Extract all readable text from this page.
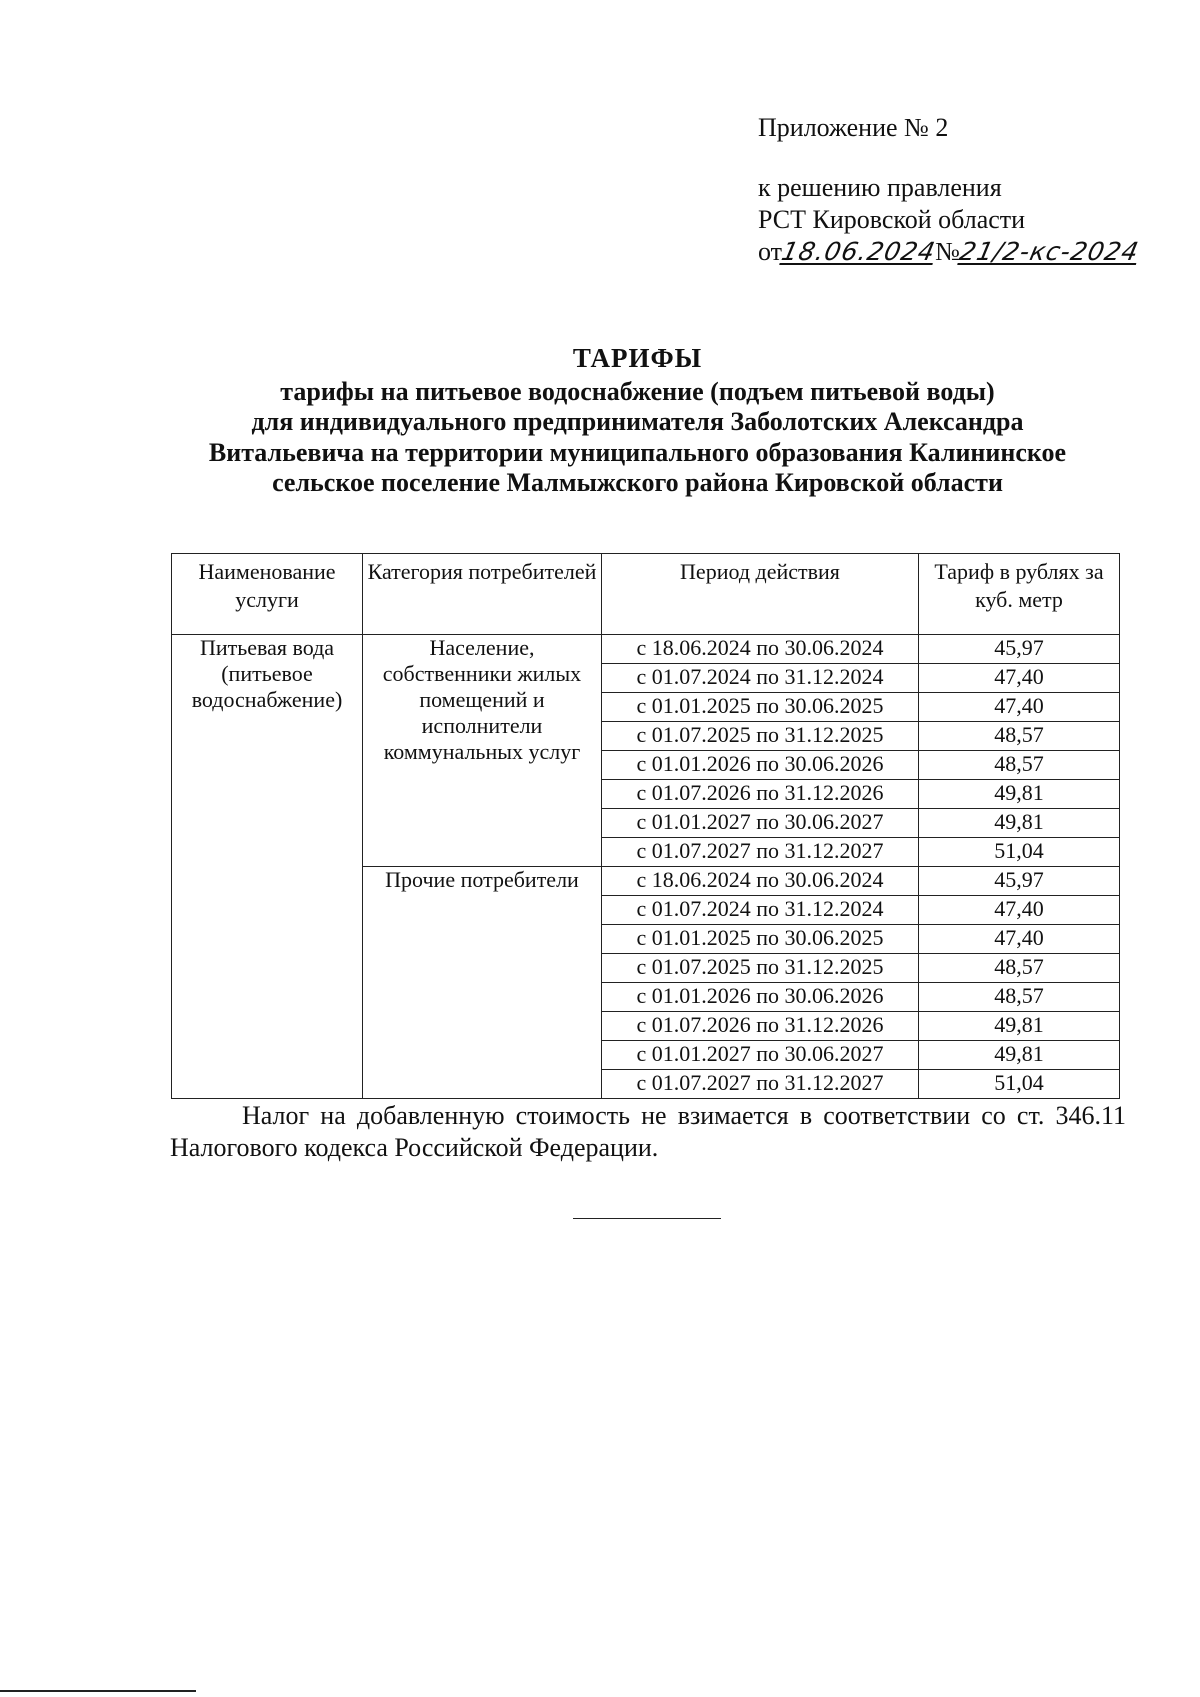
Приложение № 2
к решению правления
РСТ Кировской области
от18.06.2024№21/2-кс-2024
ТАРИФЫ
тарифы на питьевое водоснабжение (подъем питьевой воды)
для индивидуального предпринимателя Заболотских Александра
Витальевича на территории муниципального образования Калининское
сельское поселение Малмыжского района Кировской области
Наименование услуги	Категория потребителей	Период действия	Тариф в рублях за куб. метр
Питьевая вода (питьевое водоснабжение)	Население, собственники жилых помещений и исполнители коммунальных услуг	с 18.06.2024 по 30.06.2024	45,97
		с 01.07.2024 по 31.12.2024	47,40
		с 01.01.2025 по 30.06.2025	47,40
		с 01.07.2025 по 31.12.2025	48,57
		с 01.01.2026 по 30.06.2026	48,57
		с 01.07.2026 по 31.12.2026	49,81
		с 01.01.2027 по 30.06.2027	49,81
		с 01.07.2027 по 31.12.2027	51,04
	Прочие потребители	с 18.06.2024 по 30.06.2024	45,97
		с 01.07.2024 по 31.12.2024	47,40
		с 01.01.2025 по 30.06.2025	47,40
		с 01.07.2025 по 31.12.2025	48,57
		с 01.01.2026 по 30.06.2026	48,57
		с 01.07.2026 по 31.12.2026	49,81
		с 01.01.2027 по 30.06.2027	49,81
		с 01.07.2027 по 31.12.2027	51,04
Налог на добавленную стоимость не взимается в соответствии со ст. 346.11 Налогового кодекса Российской Федерации.
